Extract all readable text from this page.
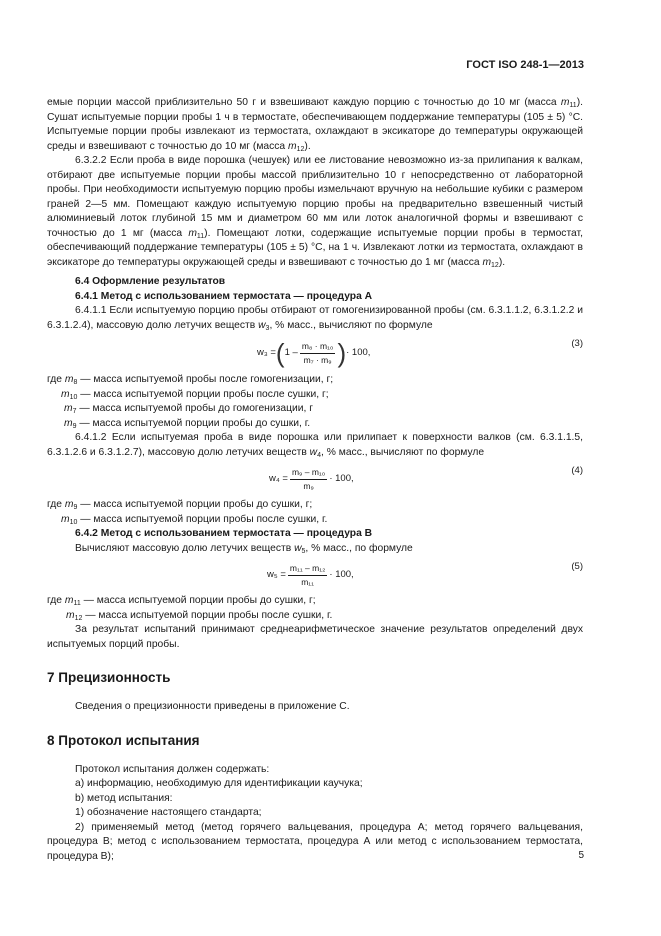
ГОСТ ISO 248-1—2013

емые порции массой приблизительно 50 г и взвешивают каждую порцию с точностью до 10 мг (масса $m_{11}$). Сушат испытуемые порции пробы 1 ч в термостате, обеспечивающем поддержание температуры (105 ± 5) °С. Испытуемые порции пробы извлекают из термостата, охлаждают в эксикаторе до температуры окружающей среды и взвешивают с точностью до 10 мг (масса $m_{12}$).

6.3.2.2 Если проба в виде порошка (чешуек) или ее листование невозможно из-за прилипания к валкам, отбирают две испытуемые порции пробы массой приблизительно 10 г непосредственно от лабораторной пробы. При необходимости испытуемую порцию пробы измельчают вручную на небольшие кубики с размером граней 2—5 мм. Помещают каждую испытуемую порцию пробы на предварительно взвешенный чистый алюминиевый лоток глубиной 15 мм и диаметром 60 мм или лоток аналогичной формы и взвешивают с точностью до 1 мг (масса $m_{11}$). Помещают лотки, содержащие испытуемые порции пробы в термостат, обеспечивающий поддержание температуры (105 ± 5) °С, на 1 ч. Извлекают лотки из термостата, охлаждают в эксикаторе до температуры окружающей среды и взвешивают с точностью до 1 мг (масса $m_{12}$).

6.4 Оформление результатов

6.4.1 Метод с использованием термостата — процедура А

6.4.1.1 Если испытуемую порцию пробы отбирают от гомогенизированной пробы (см. 6.3.1.1.2, 6.3.1.2.2 и 6.3.1.2.4), массовую долю летучих веществ $w_3$, % масс., вычисляют по формуле

w₃ = ( $1 - \frac{\text{m₈ · m₁₀}}{\text{m₇ · m₉}}$ ) · 100,
(3)

где $m_8$ — масса испытуемой пробы после гомогенизации, г;

$m_{10}$ — масса испытуемой порции пробы после сушки, г;

$m_7$ — масса испытуемой пробы до гомогенизации, г

$m_9$ — масса испытуемой порции пробы до сушки, г.

6.4.1.2 Если испытуемая проба в виде порошка или прилипает к поверхности валков (см. 6.3.1.1.5, 6.3.1.2.6 и 6.3.1.2.7), массовую долю летучих веществ $w_4$, % масс., вычисляют по формуле

$w_4 = \frac{\text{m₉ – m₁₀}}{\text{m₉}} \cdot 100$,
(4)

где $m_9$ — масса испытуемой порции пробы до сушки, г;

$m_{10}$ — масса испытуемой порции пробы после сушки, г.

6.4.2 Метод с использованием термостата — процедура В

Вычисляют массовую долю летучих веществ $w_5$, % масс., по формуле

$w_5 = \frac{\text{m₁₁ – m₁₂}}{\text{m₁₁}} \cdot 100$,
(5)

где $m_{11}$ — масса испытуемой порции пробы до сушки, г;

$m_{12}$ — масса испытуемой порции пробы после сушки, г.

За результат испытаний принимают среднеарифметическое значение результатов определений двух испытуемых порций пробы.

7 Прецизионность

Сведения о прецизионности приведены в приложение С.

8 Протокол испытания

Протокол испытания должен содержать:

a) информацию, необходимую для идентификации каучука;

b) метод испытания:

1) обозначение настоящего стандарта;

2) применяемый метод (метод горячего вальцевания, процедура А; метод горячего вальцевания, процедура В; метод с использованием термостата, процедура А или метод с использованием термостата, процедура В);	5
